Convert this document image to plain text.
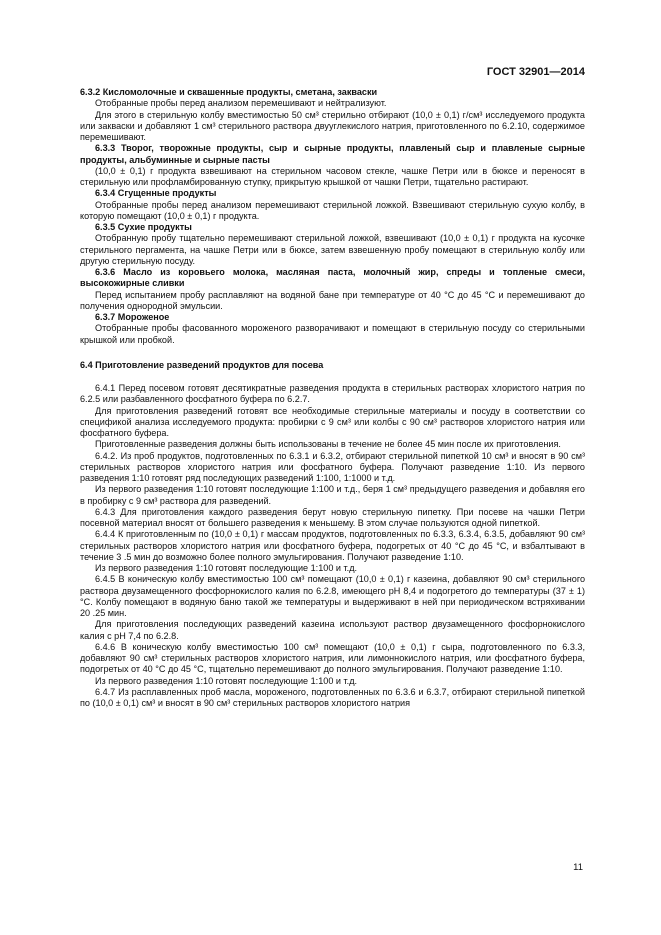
ГОСТ 32901—2014

6.3.2 Кисломолочные и сквашенные продукты, сметана, закваски

Отобранные пробы перед анализом перемешивают и нейтрализуют.

Для этого в стерильную колбу вместимостью 50 см³ стерильно отбирают (10,0 ± 0,1) г/см³ исследуемого продукта или закваски и добавляют 1 см³ стерильного раствора двууглекислого натрия, приготовленного по 6.2.10, содержимое перемешивают.

6.3.3 Творог, творожные продукты, сыр и сырные продукты, плавленый сыр и плавленые сырные продукты, альбуминные и сырные пасты

(10,0 ± 0,1) г продукта взвешивают на стерильном часовом стекле, чашке Петри или в бюксе и переносят в стерильную или профламбированную ступку, прикрытую крышкой от чашки Петри, тщательно растирают.

6.3.4 Сгущенные продукты

Отобранные пробы перед анализом перемешивают стерильной ложкой. Взвешивают стерильную сухую колбу, в которую помещают (10,0 ± 0,1) г продукта.

6.3.5 Сухие продукты

Отобранную пробу тщательно перемешивают стерильной ложкой, взвешивают (10,0 ± 0,1) г продукта на кусочке стерильного пергамента, на чашке Петри или в бюксе, затем взвешенную пробу помещают в стерильную колбу или другую стерильную посуду.

6.3.6 Масло из коровьего молока, масляная паста, молочный жир, спреды и топленые смеси, высокожирные сливки

Перед испытанием пробу расплавляют на водяной бане при температуре от 40 °С до 45 °С и перемешивают до получения однородной эмульсии.

6.3.7 Мороженое

Отобранные пробы фасованного мороженого разворачивают и помещают в стерильную посуду со стерильными крышкой или пробкой.

6.4 Приготовление разведений продуктов для посева

6.4.1 Перед посевом готовят десятикратные разведения продукта в стерильных растворах хлористого натрия по 6.2.5 или разбавленного фосфатного буфера по 6.2.7.

Для приготовления разведений готовят все необходимые стерильные материалы и посуду в соответствии со спецификой анализа исследуемого продукта: пробирки с 9 см³ или колбы с 90 см³ растворов хлористого натрия или фосфатного буфера.

Приготовленные разведения должны быть использованы в течение не более 45 мин после их приготовления.

6.4.2. Из проб продуктов, подготовленных по 6.3.1 и 6.3.2, отбирают стерильной пипеткой 10 см³ и вносят в 90 см³ стерильных растворов хлористого натрия или фосфатного буфера. Получают разведение 1:10. Из первого разведения 1:10 готовят ряд последующих разведений 1:100, 1:1000 и т.д.

Из первого разведения 1:10 готовят последующие 1:100 и т.д., беря 1 см³ предыдущего разведения и добавляя его в пробирку с 9 см³ раствора для разведений.

6.4.3 Для приготовления каждого разведения берут новую стерильную пипетку. При посеве на чашки Петри посевной материал вносят от большего разведения к меньшему. В этом случае пользуются одной пипеткой.

6.4.4 К приготовленным по (10,0 ± 0,1) г массам продуктов, подготовленных по 6.3.3, 6.3.4, 6.3.5, добавляют 90 см³ стерильных растворов хлористого натрия или фосфатного буфера, подогретых от 40 °С до 45 °С, и взбалтывают в течение 3 .5 мин до возможно более полного эмульгирования. Получают разведение 1:10.

Из первого разведения 1:10 готовят последующие 1:100 и т.д.

6.4.5 В коническую колбу вместимостью 100 см³ помещают (10,0 ± 0,1) г казеина, добавляют 90 см³ стерильного раствора двузамещенного фосфорнокислого калия по 6.2.8, имеющего рН 8,4 и подогретого до температуры (37 ± 1) °С. Колбу помещают в водяную баню такой же температуры и выдерживают в ней при периодическом встряхивании 20 .25 мин.

Для приготовления последующих разведений казеина используют раствор двузамещенного фосфорнокислого калия с рН 7,4 по 6.2.8.

6.4.6 В коническую колбу вместимостью 100 см³ помещают (10,0 ± 0,1) г сыра, подготовленного по 6.3.3, добавляют 90 см³ стерильных растворов хлористого натрия, или лимоннокислого натрия, или фосфатного буфера, подогретых от 40 °С до 45 °С, тщательно перемешивают до полного эмульгирования. Получают разведение 1:10.

Из первого разведения 1:10 готовят последующие 1:100 и т.д.

6.4.7 Из расплавленных проб масла, мороженого, подготовленных по 6.3.6 и 6.3.7, отбирают стерильной пипеткой по (10,0 ± 0,1) см³ и вносят в 90 см³ стерильных растворов хлористого натрия

11
